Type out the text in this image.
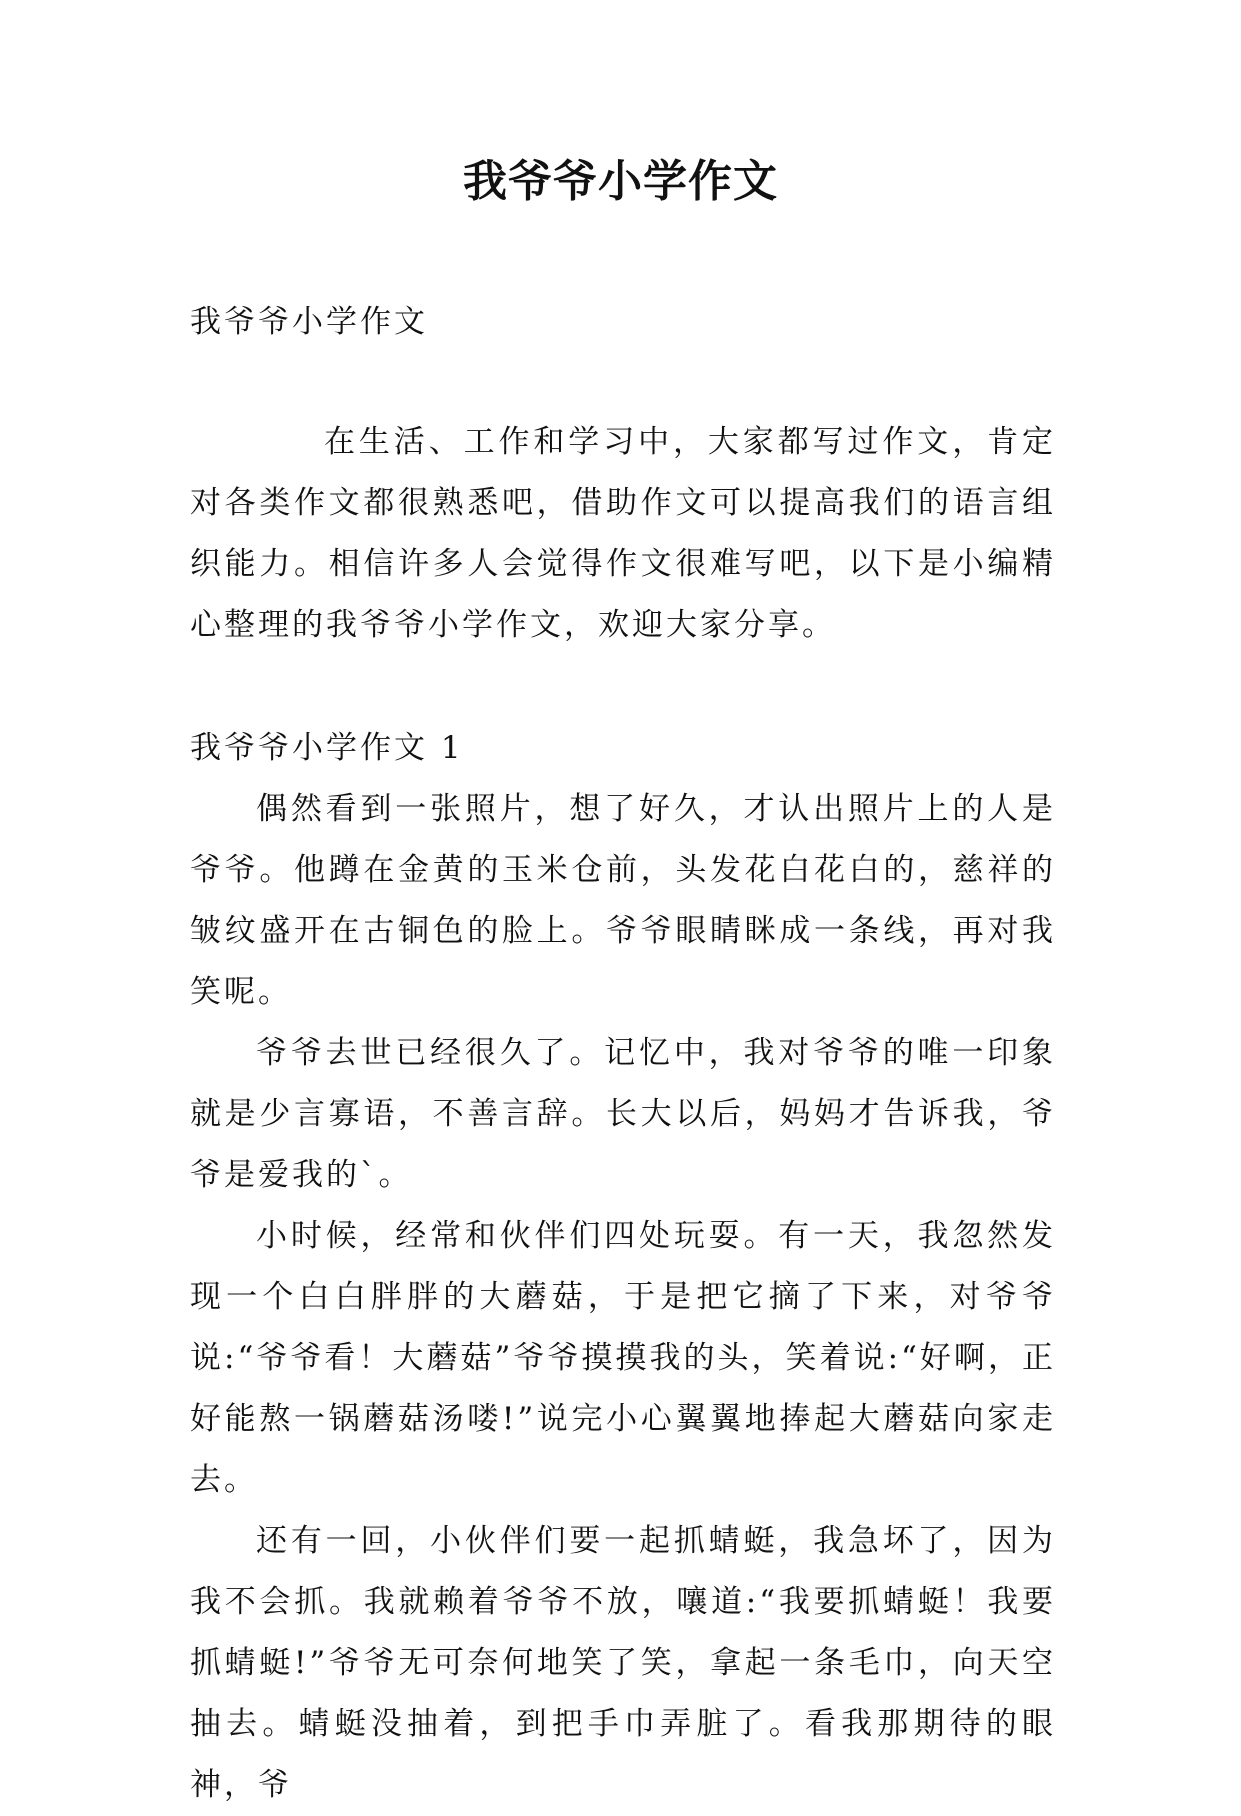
我爷爷小学作文

我爷爷小学作文

在生活、工作和学习中，大家都写过作文，肯定对各类作文都很熟悉吧，借助作文可以提高我们的语言组织能力。相信许多人会觉得作文很难写吧，以下是小编精心整理的我爷爷小学作文，欢迎大家分享。

我爷爷小学作文 1

偶然看到一张照片，想了好久，才认出照片上的人是爷爷。他蹲在金黄的玉米仓前，头发花白花白的，慈祥的皱纹盛开在古铜色的脸上。爷爷眼睛眯成一条线，再对我笑呢。

爷爷去世已经很久了。记忆中，我对爷爷的唯一印象就是少言寡语，不善言辞。长大以后，妈妈才告诉我，爷爷是爱我的`。

小时候，经常和伙伴们四处玩耍。有一天，我忽然发现一个白白胖胖的大蘑菇，于是把它摘了下来，对爷爷说:“爷爷看！大蘑菇”爷爷摸摸我的头，笑着说:“好啊，正好能熬一锅蘑菇汤喽!”说完小心翼翼地捧起大蘑菇向家走去。

还有一回，小伙伴们要一起抓蜻蜓，我急坏了，因为我不会抓。我就赖着爷爷不放，嚷道:“我要抓蜻蜓！我要抓蜻蜓!”爷爷无可奈何地笑了笑，拿起一条毛巾，向天空抽去。蜻蜓没抽着，到把手巾弄脏了。看我那期待的眼神，爷
